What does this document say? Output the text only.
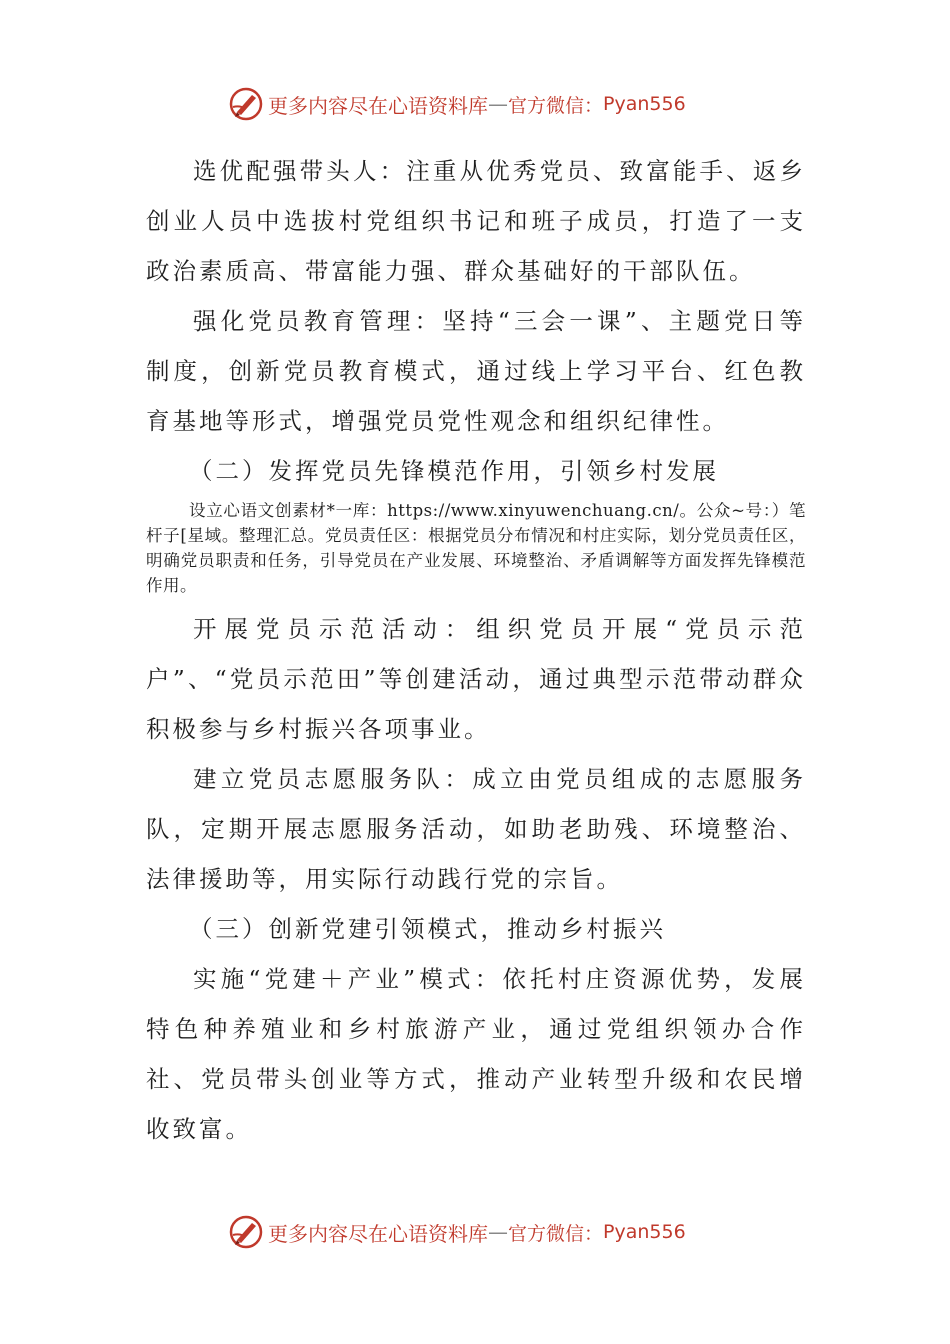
更多内容尽在心语资料库 — 官方微信： Pyan556

选优配强带头人：注重从优秀党员、致富能手、返乡创业人员中选拔村党组织书记和班子成员，打造了一支政治素质高、带富能力强、群众基础好的干部队伍。

强化党员教育管理：坚持“三会一课”、主题党日等制度，创新党员教育模式，通过线上学习平台、红色教育基地等形式，增强党员党性观念和组织纪律性。

（二）发挥党员先锋模范作用，引领乡村发展

设立心语文创素材*一库：https://www.xinyuwenchuang.cn/。公众~号：）笔杆子[星域。整理汇总。党员责任区：根据党员分布情况和村庄实际，划分党员责任区，明确党员职责和任务，引导党员在产业发展、环境整治、矛盾调解等方面发挥先锋模范作用。

开展党员示范活动：组织党员开展“党员示范户”、“党员示范田”等创建活动，通过典型示范带动群众积极参与乡村振兴各项事业。

建立党员志愿服务队：成立由党员组成的志愿服务队，定期开展志愿服务活动，如助老助残、环境整治、法律援助等，用实际行动践行党的宗旨。

（三）创新党建引领模式，推动乡村振兴

实施“党建＋产业”模式：依托村庄资源优势，发展特色种养殖业和乡村旅游产业，通过党组织领办合作社、党员带头创业等方式，推动产业转型升级和农民增收致富。

更多内容尽在心语资料库 — 官方微信： Pyan556
